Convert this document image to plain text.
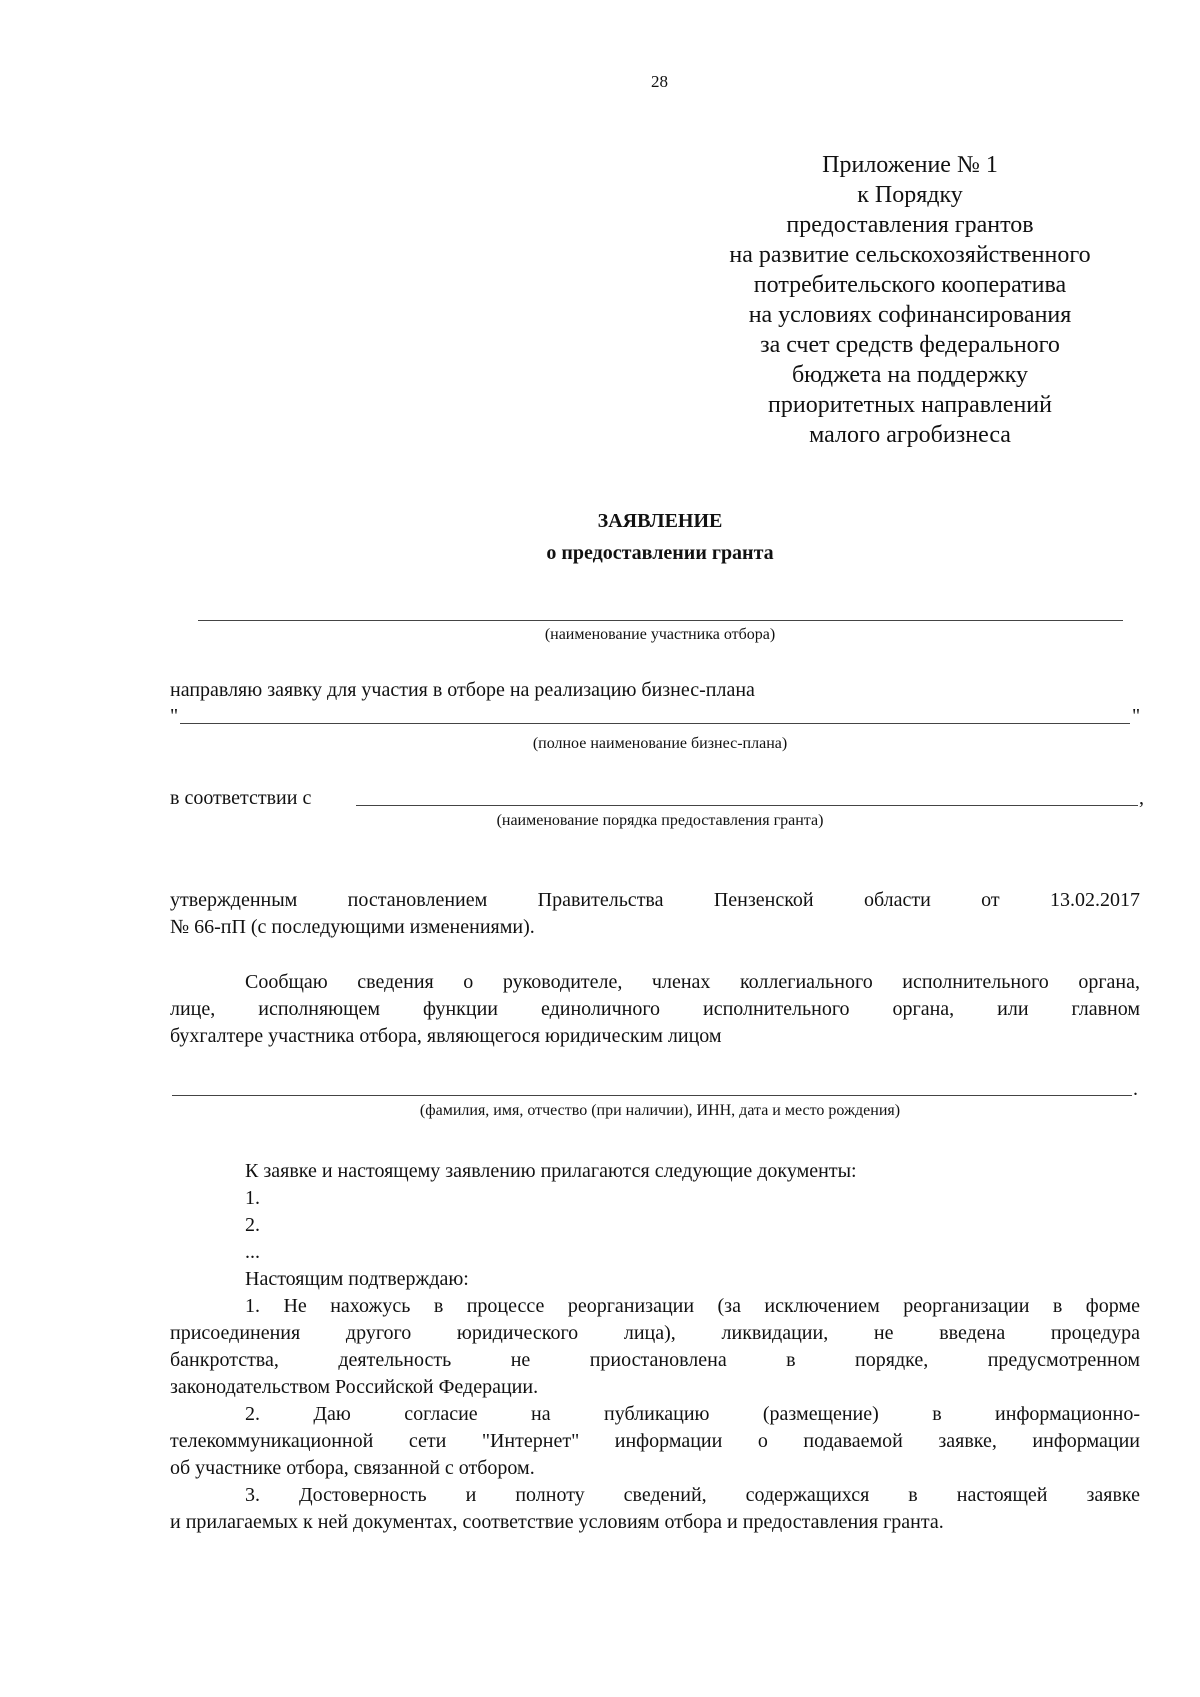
28
Приложение № 1
к Порядку
предоставления грантов
на развитие сельскохозяйственного
потребительского кооператива
на условиях софинансирования
за счет средств федерального
бюджета на поддержку
приоритетных направлений
малого агробизнеса
ЗАЯВЛЕНИЕ
о предоставлении гранта
(наименование участника отбора)
направляю заявку для участия в отборе на реализацию бизнес-плана
"	"
(полное наименование бизнес-плана)
в соответствии с	,
(наименование порядка предоставления гранта)
утвержденным постановлением Правительства Пензенской области от 13.02.2017
№ 66-пП (с последующими изменениями).
Сообщаю сведения о руководителе, членах коллегиального исполнительного органа,
лице, исполняющем функции единоличного исполнительного органа, или главном
бухгалтере участника отбора, являющегося юридическим лицом
.
(фамилия, имя, отчество (при наличии), ИНН, дата и место рождения)
К заявке и настоящему заявлению прилагаются следующие документы:
1.
2.
...
Настоящим подтверждаю:
1. Не нахожусь в процессе реорганизации (за исключением реорганизации в форме
присоединения другого юридического лица), ликвидации, не введена процедура
банкротства, деятельность не приостановлена в порядке, предусмотренном
законодательством Российской Федерации.
2. Даю согласие на публикацию (размещение) в информационно-
телекоммуникационной сети "Интернет" информации о подаваемой заявке, информации
об участнике отбора, связанной с отбором.
3. Достоверность и полноту сведений, содержащихся в настоящей заявке
и прилагаемых к ней документах, соответствие условиям отбора и предоставления гранта.
